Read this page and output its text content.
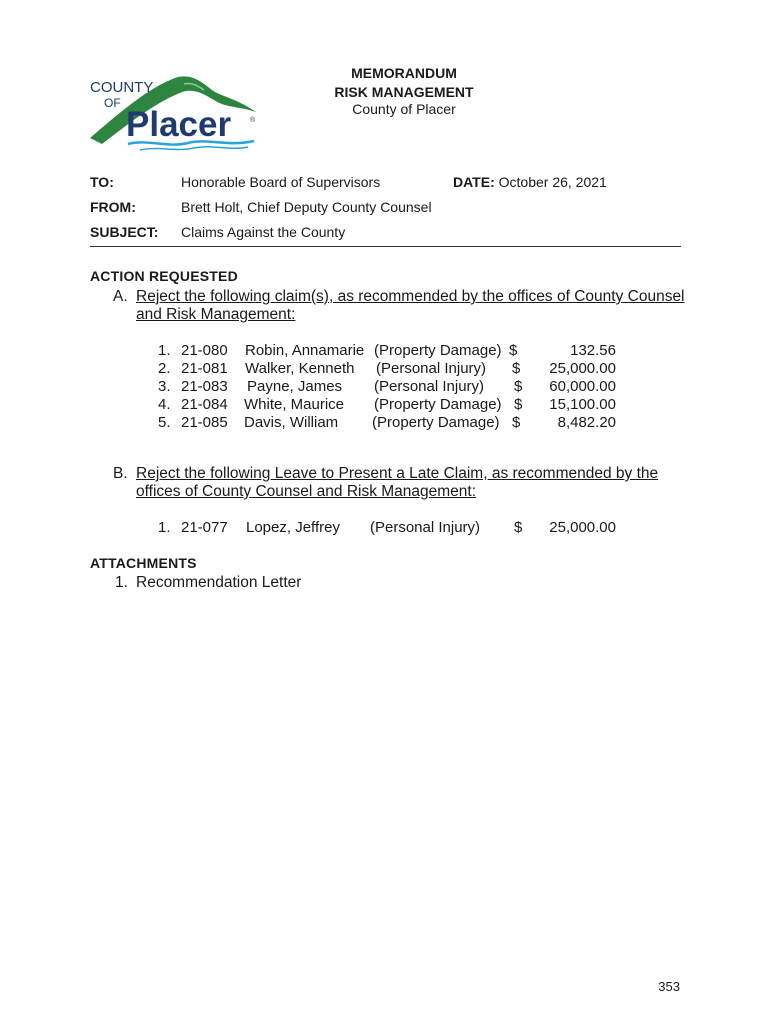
COUNTY
OF
Placer	®
MEMORANDUM
RISK MANAGEMENT
County of Placer
TO:	Honorable Board of Supervisors	DATE: October 26, 2021
FROM:	Brett Holt, Chief Deputy County Counsel
SUBJECT: Claims Against the County
ACTION REQUESTED
A. Reject the following claim(s), as recommended by the offices of County Counsel
and Risk Management:
1. 21-080 Robin, Annamarie (Property Damage) $	132.56
2. 21-081 Walker, Kenneth (Personal Injury) $	25,000.00
3. 21-083 Payne, James (Personal Injury) $	60,000.00
4. 21-084 White, Maurice (Property Damage) $	15,100.00
5. 21-085 Davis, William (Property Damage) $	8,482.20
B. Reject the following Leave to Present a Late Claim, as recommended by the
offices of County Counsel and Risk Management:
1. 21-077 Lopez, Jeffrey (Personal Injury) $	25,000.00
ATTACHMENTS
1. Recommendation Letter
353
